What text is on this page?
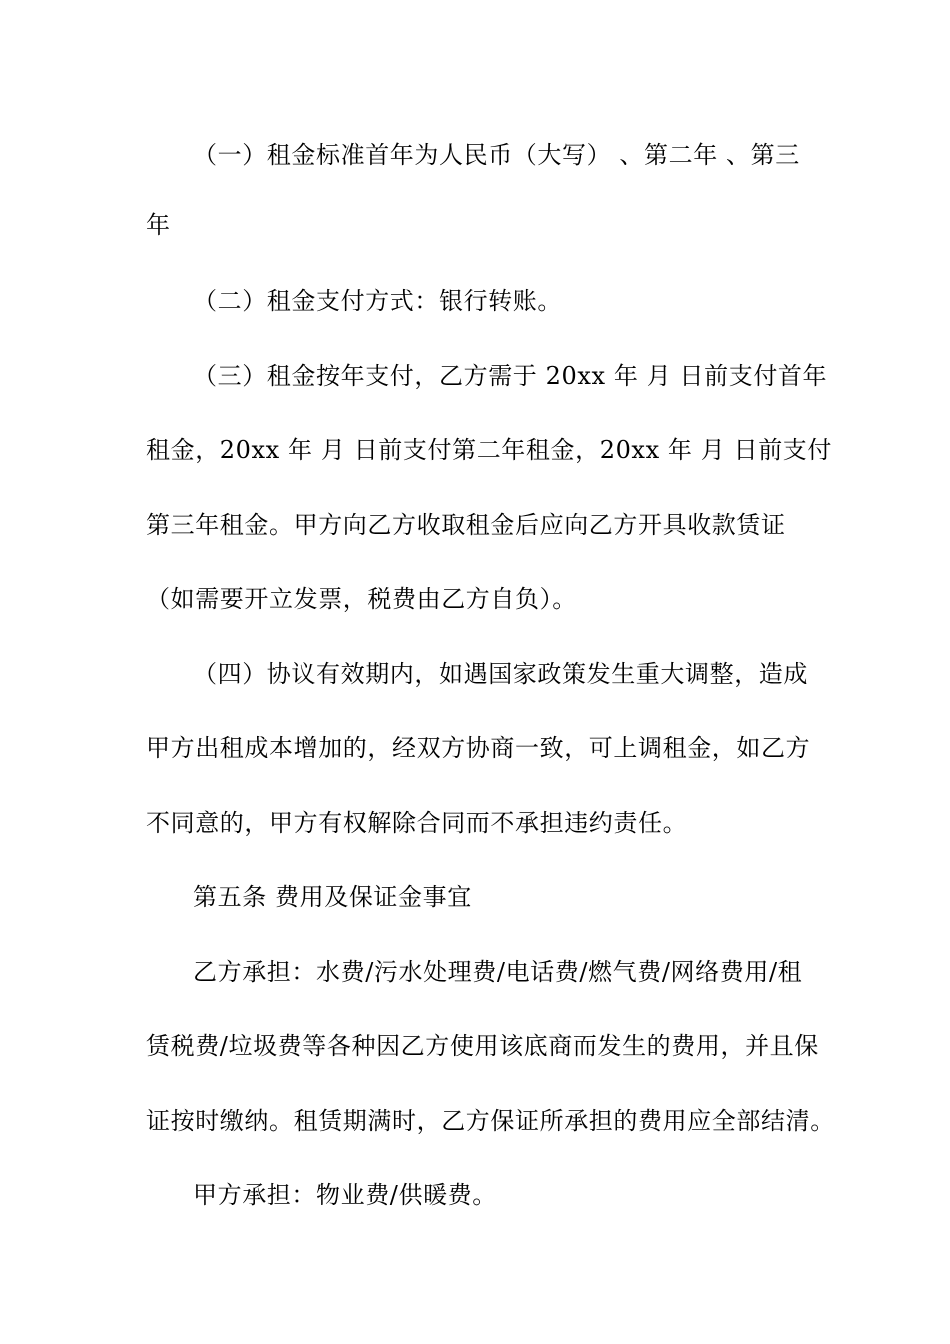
（一）租金标准首年为人民币（大写） 、第二年 、第三
年
（二）租金支付方式：银行转账。
（三）租金按年支付，乙方需于 20xx 年 月 日前支付首年
租金，20xx 年 月 日前支付第二年租金，20xx 年 月 日前支付
第三年租金。甲方向乙方收取租金后应向乙方开具收款赁证
（如需要开立发票，税费由乙方自负）。
（四）协议有效期内，如遇国家政策发生重大调整，造成
甲方出租成本增加的，经双方协商一致，可上调租金，如乙方
不同意的，甲方有权解除合同而不承担违约责任。
第五条 费用及保证金事宜
乙方承担：水费/污水处理费/电话费/燃气费/网络费用/租
赁税费/垃圾费等各种因乙方使用该底商而发生的费用，并且保
证按时缴纳。租赁期满时，乙方保证所承担的费用应全部结清。
甲方承担：物业费/供暖费。
